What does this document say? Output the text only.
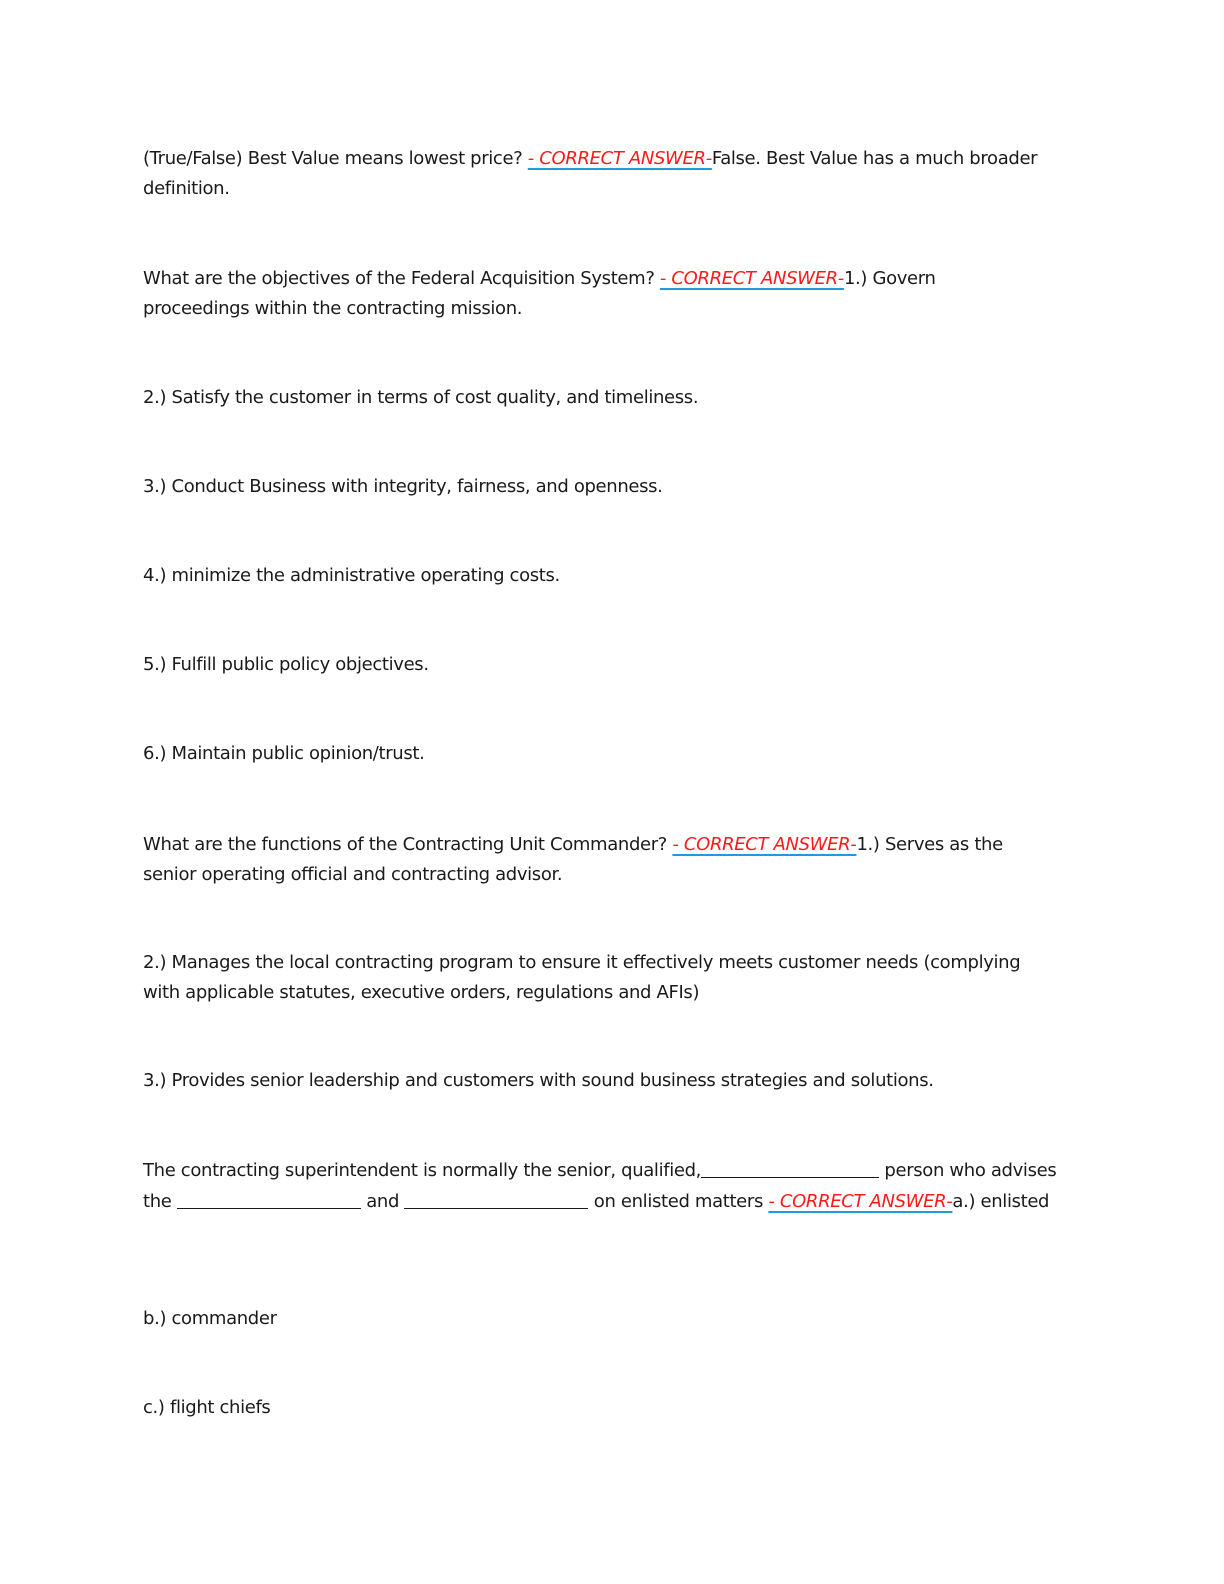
(True/False) Best Value means lowest price? - CORRECT ANSWER-False. Best Value has a much broader definition.

What are the objectives of the Federal Acquisition System? - CORRECT ANSWER-1.) Govern proceedings within the contracting mission.

2.) Satisfy the customer in terms of cost quality, and timeliness.

3.) Conduct Business with integrity, fairness, and openness.

4.) minimize the administrative operating costs.

5.) Fulfill public policy objectives.

6.) Maintain public opinion/trust.

What are the functions of the Contracting Unit Commander? - CORRECT ANSWER-1.) Serves as the senior operating official and contracting advisor.

2.) Manages the local contracting program to ensure it effectively meets customer needs (complying with applicable statutes, executive orders, regulations and AFIs)

3.) Provides senior leadership and customers with sound business strategies and solutions.

The contracting superintendent is normally the senior, qualified,	person who advises the	and	on enlisted matters - CORRECT ANSWER-a.) enlisted

b.) commander

c.) flight chiefs
